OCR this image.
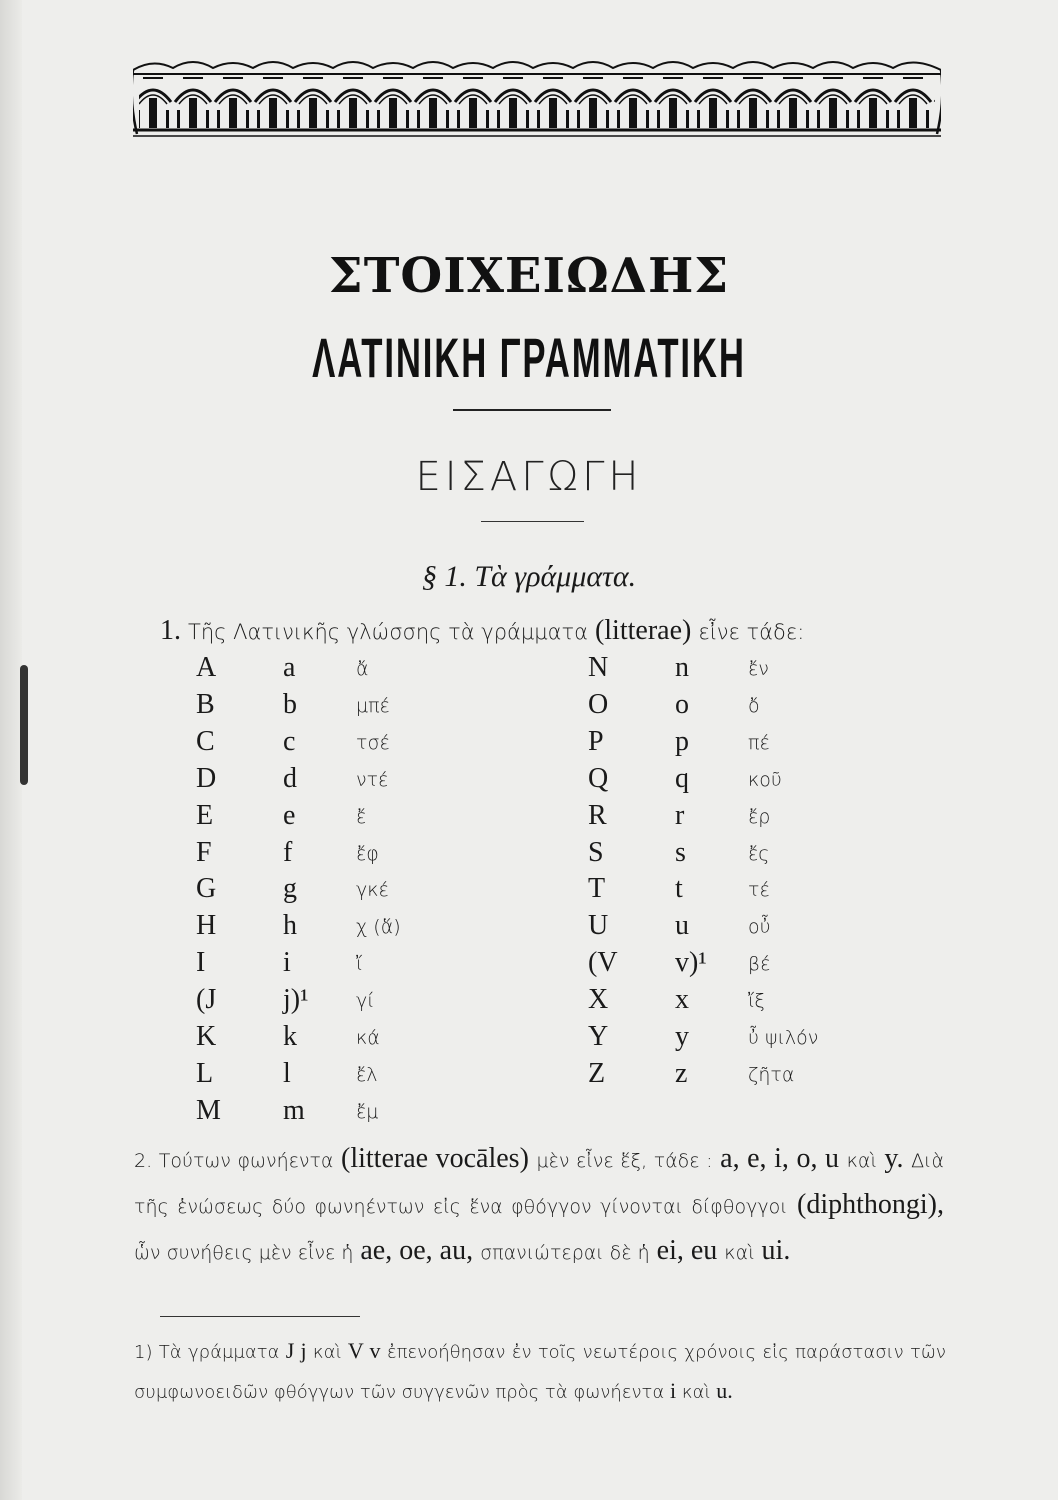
ΣΤΟΙΧΕΙΩΔΗΣ
ΛΑΤΙΝΙΚΗ ΓΡΑΜΜΑΤΙΚΗ
ΕΙΣΑΓΩΓΗ
§ 1. Τὰ γράμματα.
1. Τῆς Λατινικῆς γλώσσης τὰ γράμματα (litterae) εἶνε τάδε:
A a	ἄ
B b	μπέ
C c	τσέ
D d	ντέ
E e	ἔ
F	f	ἔφ
G g	γκέ
H h	χ (ἅ)
I	i	ἴ
(J j)¹	γί
K k	κά
L l	ἔλ
M m	ἔμ
N n	ἔν
O o	ὄ
P	p	πέ
Q q	κοῦ
R r	ἔρ
S	s	ἔς
T t	τέ
U u	οὖ
(V v)¹ βέ
X x	ἴξ
Y y	ὖ ψιλόν
Z z	ζῆτα
2. Τούτων φωνήεντα (litterae vocāles) μὲν εἶνε ἕξ, τάδε : a, e, i, o, u καὶ y. Διὰ τῆς ἑνώσεως δύο φωνηέντων εἰς ἕνα φθόγγον γίνονται δίφθογγοι (diphthongi), ὧν συνήθεις μὲν εἶνε ἡ ae, oe, au, σπανιώτεραι δὲ ἡ ei, eu καὶ ui.
1) Τὰ γράμματα J j καὶ V v ἐπενοήθησαν ἐν τοῖς νεωτέροις χρόνοις εἰς παράστασιν τῶν συμφωνοειδῶν φθόγγων τῶν συγγενῶν πρὸς τὰ φωνήεντα i καὶ u.
